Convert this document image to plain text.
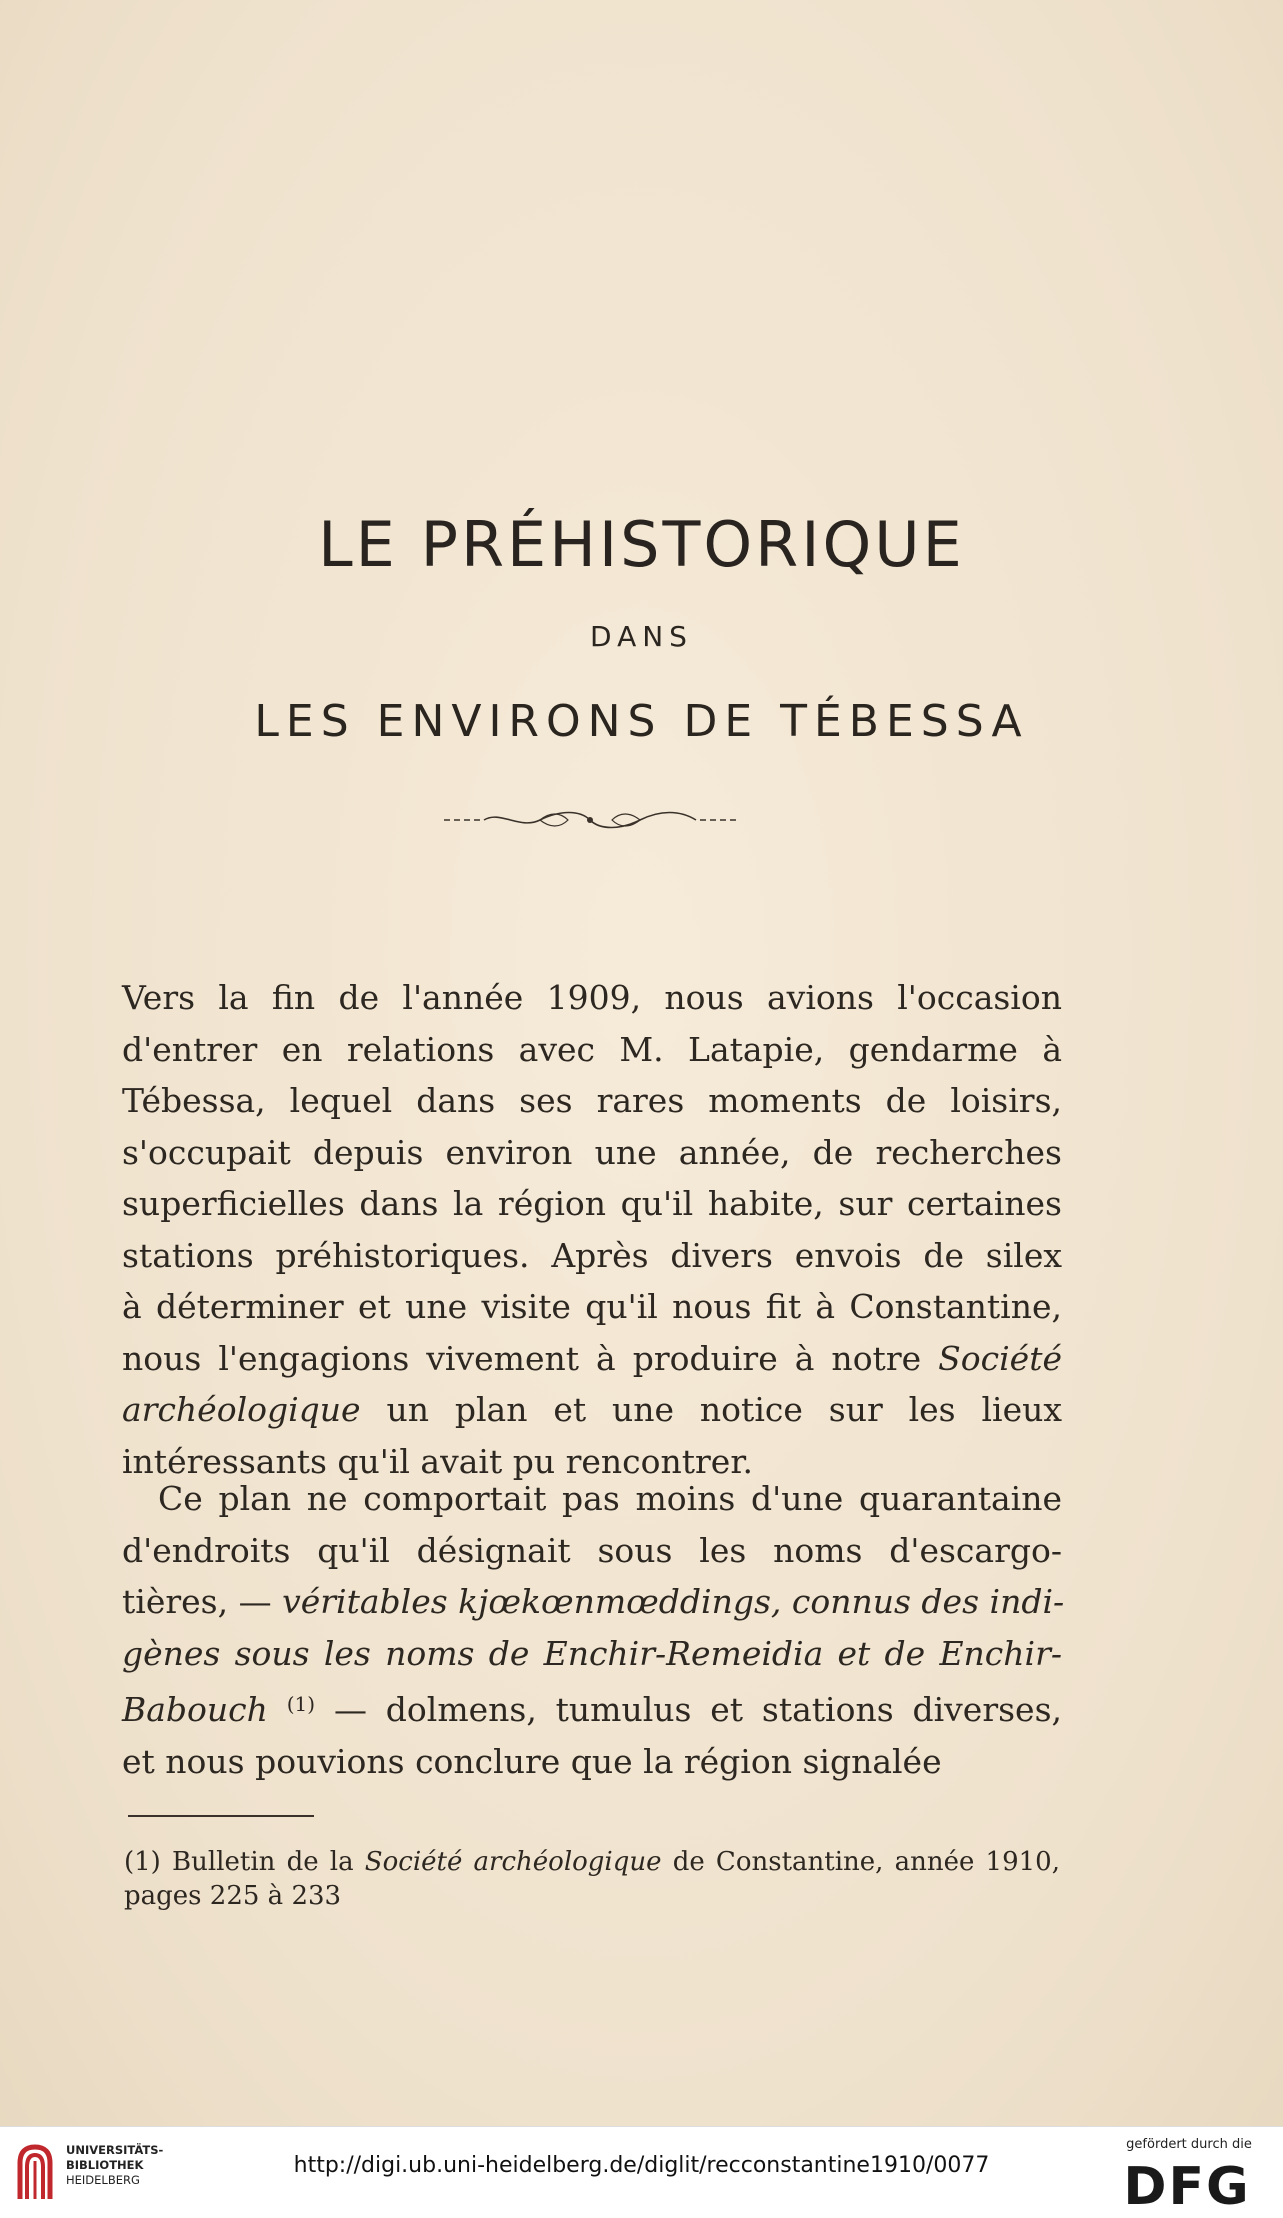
LE PRÉHISTORIQUE
DANS
LES ENVIRONS DE TÉBESSA
Vers la fin de l'année 1909, nous avions l'occasion
d'entrer en relations avec M. Latapie, gendarme à
Tébessa, lequel dans ses rares moments de loisirs,
s'occupait depuis environ une année, de recherches
superficielles dans la région qu'il habite, sur certaines
stations préhistoriques. Après divers envois de silex
à déterminer et une visite qu'il nous fit à Constantine,
nous l'engagions vivement à produire à notre Société
archéologique un plan et une notice sur les lieux
intéressants qu'il avait pu rencontrer.
Ce plan ne comportait pas moins d'une quarantaine
d'endroits qu'il désignait sous les noms d'escargo-
tières, — véritables kjœkœnmœddings, connus des indi-
gènes sous les noms de Enchir-Remeidia et de Enchir-
Babouch $^{(1)}$ — dolmens, tumulus et stations diverses,
et nous pouvions conclure que la région signalée
(1) Bulletin de la Société archéologique de Constantine, année 1910,
pages 225 à 233
UNIVERSITÄTS-
BIBLIOTHEK
HEIDELBERG
http://digi.ub.uni-heidelberg.de/diglit/recconstantine1910/0077
gefördert durch die
DFG
